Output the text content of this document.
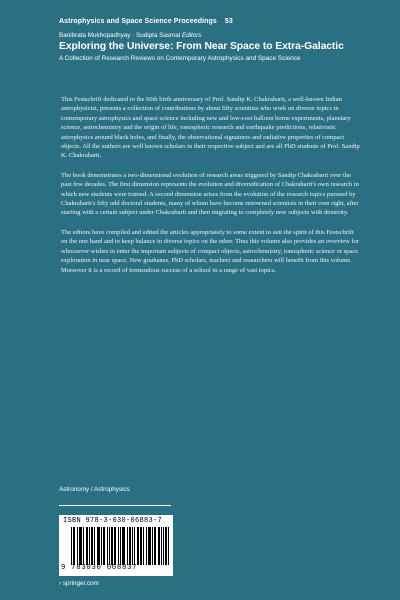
Astrophysics and Space Science Proceedings 53
Banibrata Mukhopadhyay · Sudipta Sasmal Editors
Exploring the Universe: From Near Space to Extra-Galactic
A Collection of Research Reviews on Contemporary Astrophysics and Space Science

This Festschrift dedicated to the 60th birth anniversary of Prof. Sandip K. Chakrabarti, a well-known Indian astrophysicist, presents a collection of contributions by about fifty scientists who work on diverse topics in contemporary astrophysics and space science including new and low-cost balloon borne experiments, planetary science, astrochemistry and the origin of life, ionospheric research and earthquake predictions, relativistic astrophysics around black holes, and finally, the observational signatures and radiative properties of compact objects. All the authors are well known scholars in their respective subject and are all PhD students of Prof. Sandip K. Chakrabarti.

The book demonstrates a two-dimensional evolution of research areas triggered by Sandip Chakrabarti over the past few decades. The first dimension represents the evolution and diversification of Chakrabarti's own research in which new students were trained. A second dimension arises from the evolution of the research topics pursued by Chakrabarti's fifty odd doctoral students, many of whom have become renowned scientists in their own right, after starting with a certain subject under Chakrabarti and then migrating to completely new subjects with dexterity.

The editors have compiled and edited the articles appropriately to some extent to suit the spirit of this Festschrift on the one hand and to keep balance in diverse topics on the other. Thus this volume also provides an overview for whosoever wishes to enter the important subjects of compact objects, astrochemistry, ionospheric science or space exploration in near space. New graduates, PhD scholars, teachers and researchers will benefit from this volume. Moreover it is a record of tremendous success of a school in a range of vast topics.

Astronomy / Astrophysics
ISBN 978-3-030-06883-7
9 783030 068837
› springer.com
